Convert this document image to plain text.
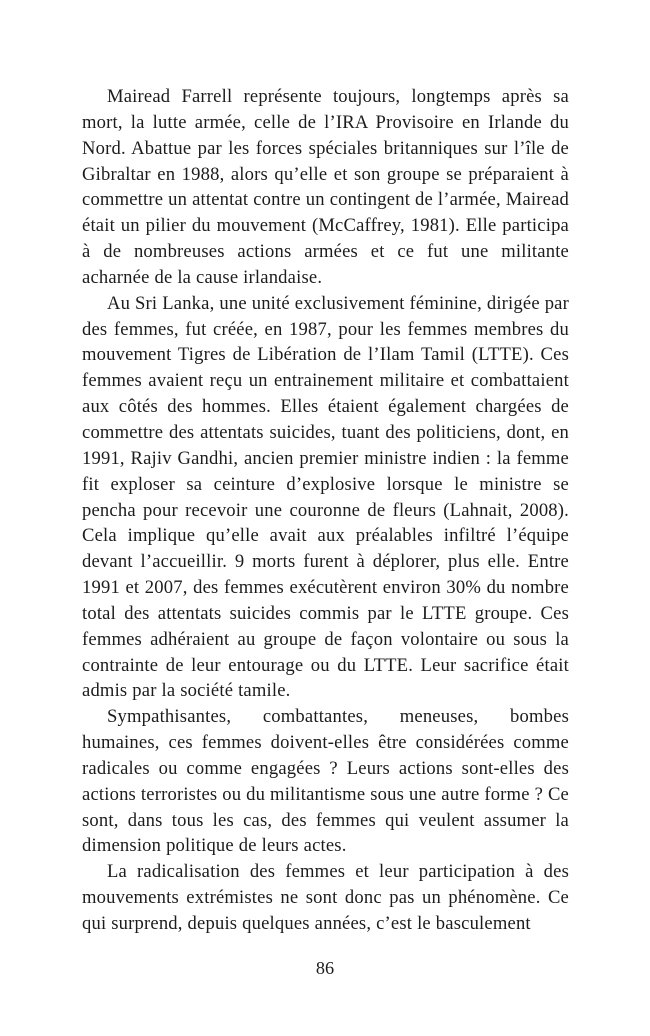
Mairead Farrell représente toujours, longtemps après sa mort, la lutte armée, celle de l’IRA Provisoire en Irlande du Nord. Abattue par les forces spéciales britanniques sur l’île de Gibraltar en 1988, alors qu’elle et son groupe se préparaient à commettre un attentat contre un contingent de l’armée, Mairead était un pilier du mouvement (McCaffrey, 1981). Elle participa à de nombreuses actions armées et ce fut une militante acharnée de la cause irlandaise.

Au Sri Lanka, une unité exclusivement féminine, dirigée par des femmes, fut créée, en 1987, pour les femmes membres du mouvement Tigres de Libération de l’Ilam Tamil (LTTE). Ces femmes avaient reçu un entrainement militaire et combattaient aux côtés des hommes. Elles étaient également chargées de commettre des attentats suicides, tuant des politiciens, dont, en 1991, Rajiv Gandhi, ancien premier ministre indien : la femme fit exploser sa ceinture d’explosive lorsque le ministre se pencha pour recevoir une couronne de fleurs (Lahnait, 2008). Cela implique qu’elle avait aux préalables infiltré l’équipe devant l’accueillir. 9 morts furent à déplorer, plus elle. Entre 1991 et 2007, des femmes exécutèrent environ 30% du nombre total des attentats suicides commis par le LTTE groupe. Ces femmes adhéraient au groupe de façon volontaire ou sous la contrainte de leur entourage ou du LTTE. Leur sacrifice était admis par la société tamile.

Sympathisantes, combattantes, meneuses, bombes humaines, ces femmes doivent-elles être considérées comme radicales ou comme engagées ? Leurs actions sont-elles des actions terroristes ou du militantisme sous une autre forme ? Ce sont, dans tous les cas, des femmes qui veulent assumer la dimension politique de leurs actes.

La radicalisation des femmes et leur participation à des mouvements extrémistes ne sont donc pas un phénomène. Ce qui surprend, depuis quelques années, c’est le basculement

86
